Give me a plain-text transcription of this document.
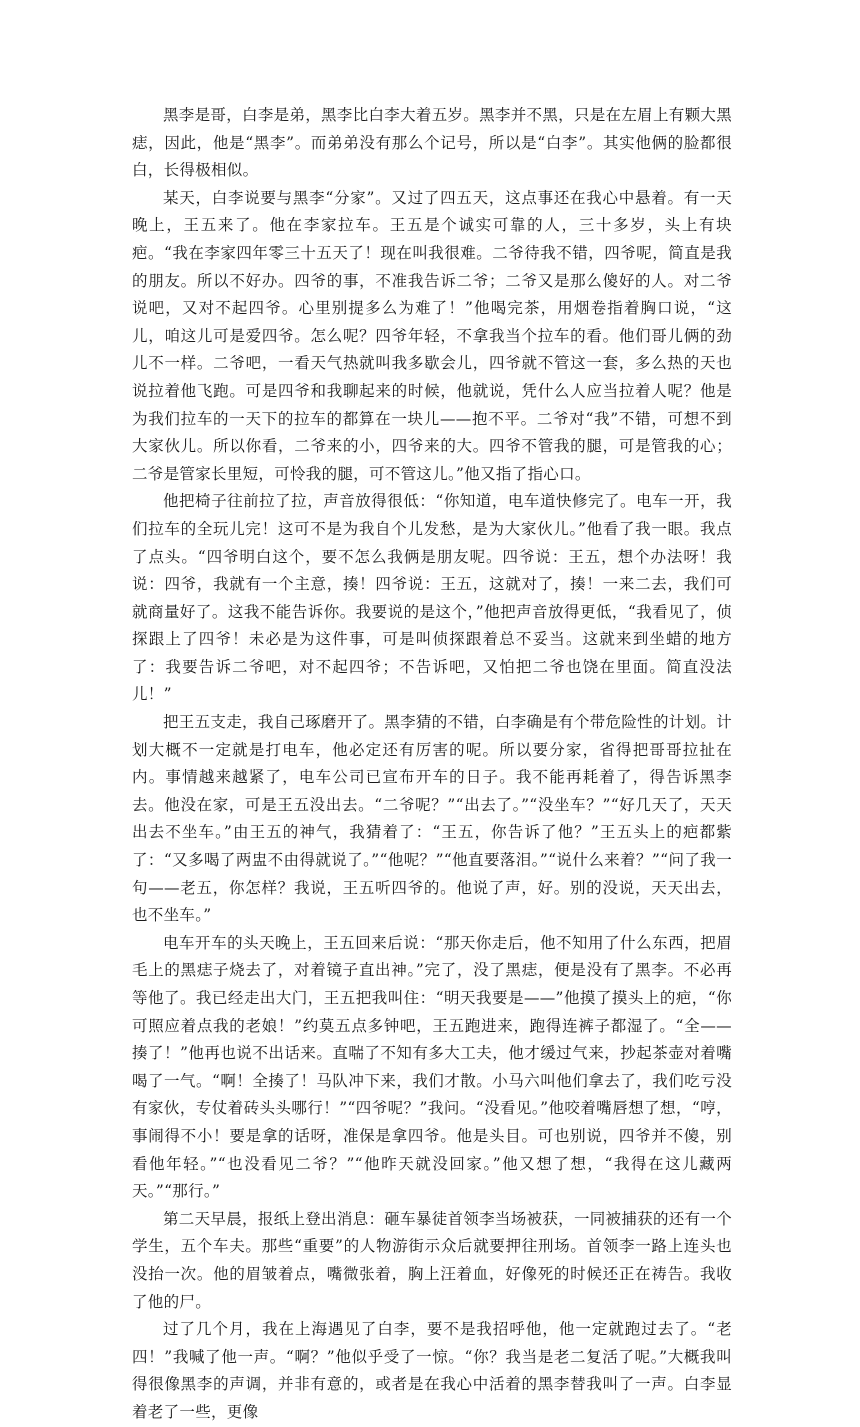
黑李是哥，白李是弟，黑李比白李大着五岁。黑李并不黑，只是在左眉上有颗大黑痣，因此，他是“黑李”。而弟弟没有那么个记号，所以是“白李”。其实他俩的脸都很白，长得极相似。

某天，白李说要与黑李“分家”。又过了四五天，这点事还在我心中悬着。有一天晚上，王五来了。他在李家拉车。王五是个诚实可靠的人，三十多岁，头上有块疤。“我在李家四年零三十五天了！现在叫我很难。二爷待我不错，四爷呢，简直是我的朋友。所以不好办。四爷的事，不准我告诉二爷；二爷又是那么傻好的人。对二爷说吧，又对不起四爷。心里别提多么为难了！”他喝完茶，用烟卷指着胸口说，“这儿，咱这儿可是爱四爷。怎么呢？四爷年轻，不拿我当个拉车的看。他们哥儿俩的劲儿不一样。二爷吧，一看天气热就叫我多歇会儿，四爷就不管这一套，多么热的天也说拉着他飞跑。可是四爷和我聊起来的时候，他就说，凭什么人应当拉着人呢？他是为我们拉车的一天下的拉车的都算在一块儿——抱不平。二爷对“我”不错，可想不到大家伙儿。所以你看，二爷来的小，四爷来的大。四爷不管我的腿，可是管我的心；二爷是管家长里短，可怜我的腿，可不管这儿。”他又指了指心口。

他把椅子往前拉了拉，声音放得很低：“你知道，电车道快修完了。电车一开，我们拉车的全玩儿完！这可不是为我自个儿发愁，是为大家伙儿。”他看了我一眼。我点了点头。“四爷明白这个，要不怎么我俩是朋友呢。四爷说：王五，想个办法呀！我说：四爷，我就有一个主意，揍！四爷说：王五，这就对了，揍！一来二去，我们可就商量好了。这我不能告诉你。我要说的是这个，”他把声音放得更低，“我看见了，侦探跟上了四爷！未必是为这件事，可是叫侦探跟着总不妥当。这就来到坐蜡的地方了：我要告诉二爷吧，对不起四爷；不告诉吧，又怕把二爷也饶在里面。简直没法儿！”

把王五支走，我自己琢磨开了。黑李猜的不错，白李确是有个带危险性的计划。计划大概不一定就是打电车，他必定还有厉害的呢。所以要分家，省得把哥哥拉扯在内。事情越来越紧了，电车公司已宣布开车的日子。我不能再耗着了，得告诉黑李去。他没在家，可是王五没出去。“二爷呢？”“出去了。”“没坐车？”“好几天了，天天出去不坐车。”由王五的神气，我猜着了：“王五，你告诉了他？”王五头上的疤都紫了：“又多喝了两盅不由得就说了。”“他呢？”“他直要落泪。”“说什么来着？”“问了我一句——老五，你怎样？我说，王五听四爷的。他说了声，好。别的没说，天天出去，也不坐车。”

电车开车的头天晚上，王五回来后说：“那天你走后，他不知用了什么东西，把眉毛上的黑痣子烧去了，对着镜子直出神。”完了，没了黑痣，便是没有了黑李。不必再等他了。我已经走出大门，王五把我叫住：“明天我要是——”他摸了摸头上的疤，“你可照应着点我的老娘！”约莫五点多钟吧，王五跑进来，跑得连裤子都湿了。“全——揍了！”他再也说不出话来。直喘了不知有多大工夫，他才缓过气来，抄起茶壶对着嘴喝了一气。“啊！全揍了！马队冲下来，我们才散。小马六叫他们拿去了，我们吃亏没有家伙，专仗着砖头头哪行！”“四爷呢？”我问。“没看见。”他咬着嘴唇想了想，“哼，事闹得不小！要是拿的话呀，准保是拿四爷。他是头目。可也别说，四爷并不傻，别看他年轻。”“也没看见二爷？”“他昨天就没回家。”他又想了想，“我得在这儿藏两天。”“那行。”

第二天早晨，报纸上登出消息：砸车暴徒首领李当场被获，一同被捕获的还有一个学生，五个车夫。那些“重要”的人物游街示众后就要押往刑场。首领李一路上连头也没抬一次。他的眉皱着点，嘴微张着，胸上汪着血，好像死的时候还正在祷告。我收了他的尸。

过了几个月，我在上海遇见了白李，要不是我招呼他，他一定就跑过去了。“老四！”我喊了他一声。“啊？”他似乎受了一惊。“你？我当是老二复活了呢。”大概我叫得很像黑李的声调，并非有意的，或者是在我心中活着的黑李替我叫了一声。白李显着老了一些，更像
